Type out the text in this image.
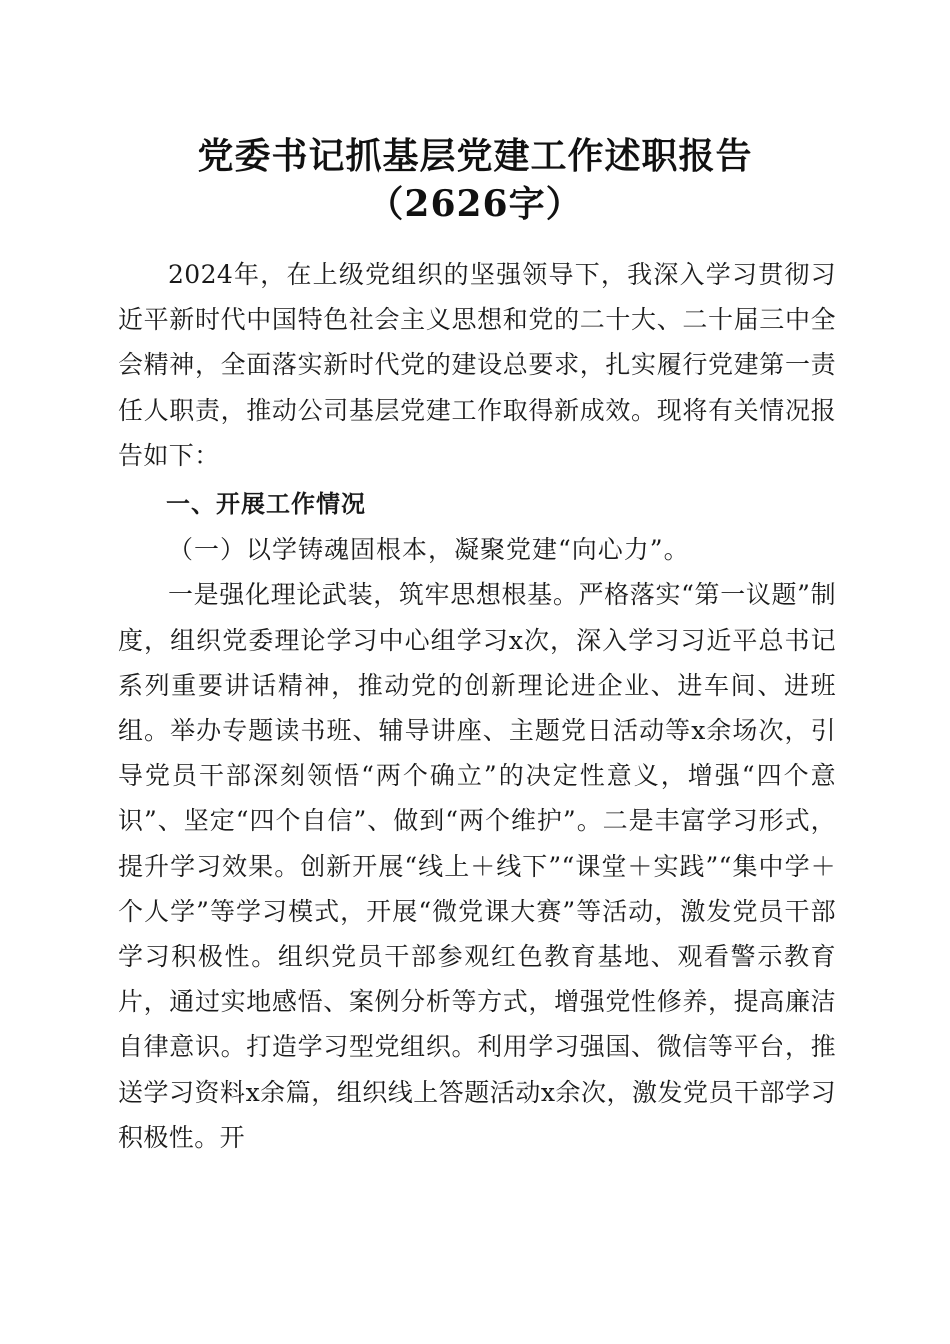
党委书记抓基层党建工作述职报告（2626字）

2024年，在上级党组织的坚强领导下，我深入学习贯彻习近平新时代中国特色社会主义思想和党的二十大、二十届三中全会精神，全面落实新时代党的建设总要求，扎实履行党建第一责任人职责，推动公司基层党建工作取得新成效。现将有关情况报告如下：

一、开展工作情况

（一）以学铸魂固根本，凝聚党建“向心力”。

一是强化理论武装，筑牢思想根基。严格落实“第一议题”制度，组织党委理论学习中心组学习x次，深入学习习近平总书记系列重要讲话精神，推动党的创新理论进企业、进车间、进班组。举办专题读书班、辅导讲座、主题党日活动等x余场次，引导党员干部深刻领悟“两个确立”的决定性意义，增强“四个意识”、坚定“四个自信”、做到“两个维护”。二是丰富学习形式，提升学习效果。创新开展“线上＋线下”“课堂＋实践”“集中学＋个人学”等学习模式，开展“微党课大赛”等活动，激发党员干部学习积极性。组织党员干部参观红色教育基地、观看警示教育片，通过实地感悟、案例分析等方式，增强党性修养，提高廉洁自律意识。打造学习型党组织。利用学习强国、微信等平台，推送学习资料x余篇，组织线上答题活动x余次，激发党员干部学习积极性。开
